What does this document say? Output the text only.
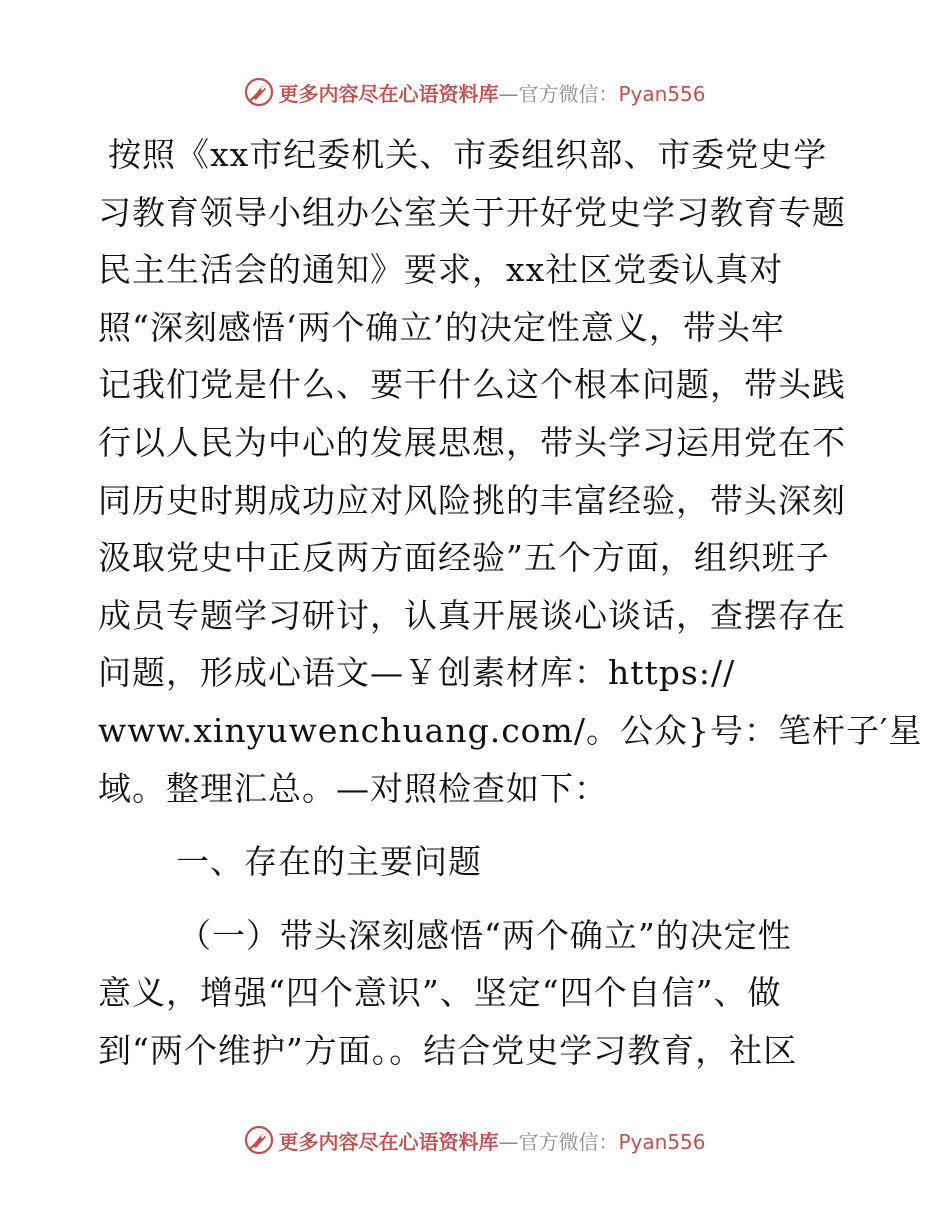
更多内容尽在心语资料库—官方微信：Pyan556
按照《xx市纪委机关、市委组织部、市委党史学
习教育领导小组办公室关于开好党史学习教育专题
民主生活会的通知》要求，xx社区党委认真对
照“深刻感悟‘两个确立’的决定性意义，带头牢
记我们党是什么、要干什么这个根本问题，带头践
行以人民为中心的发展思想，带头学习运用党在不
同历史时期成功应对风险挑的丰富经验，带头深刻
汲取党史中正反两方面经验”五个方面，组织班子
成员专题学习研讨，认真开展谈心谈话，查摆存在
问题，形成心语文—￥创素材库：https://
www.xinyuwenchuang.com/。公众}号：笔杆子′星
域。整理汇总。—对照检查如下：
一、存在的主要问题
（一）带头深刻感悟“两个确立”的决定性
意义，增强“四个意识”、坚定“四个自信”、做
到“两个维护”方面。。结合党史学习教育，社区
更多内容尽在心语资料库—官方微信：Pyan556
